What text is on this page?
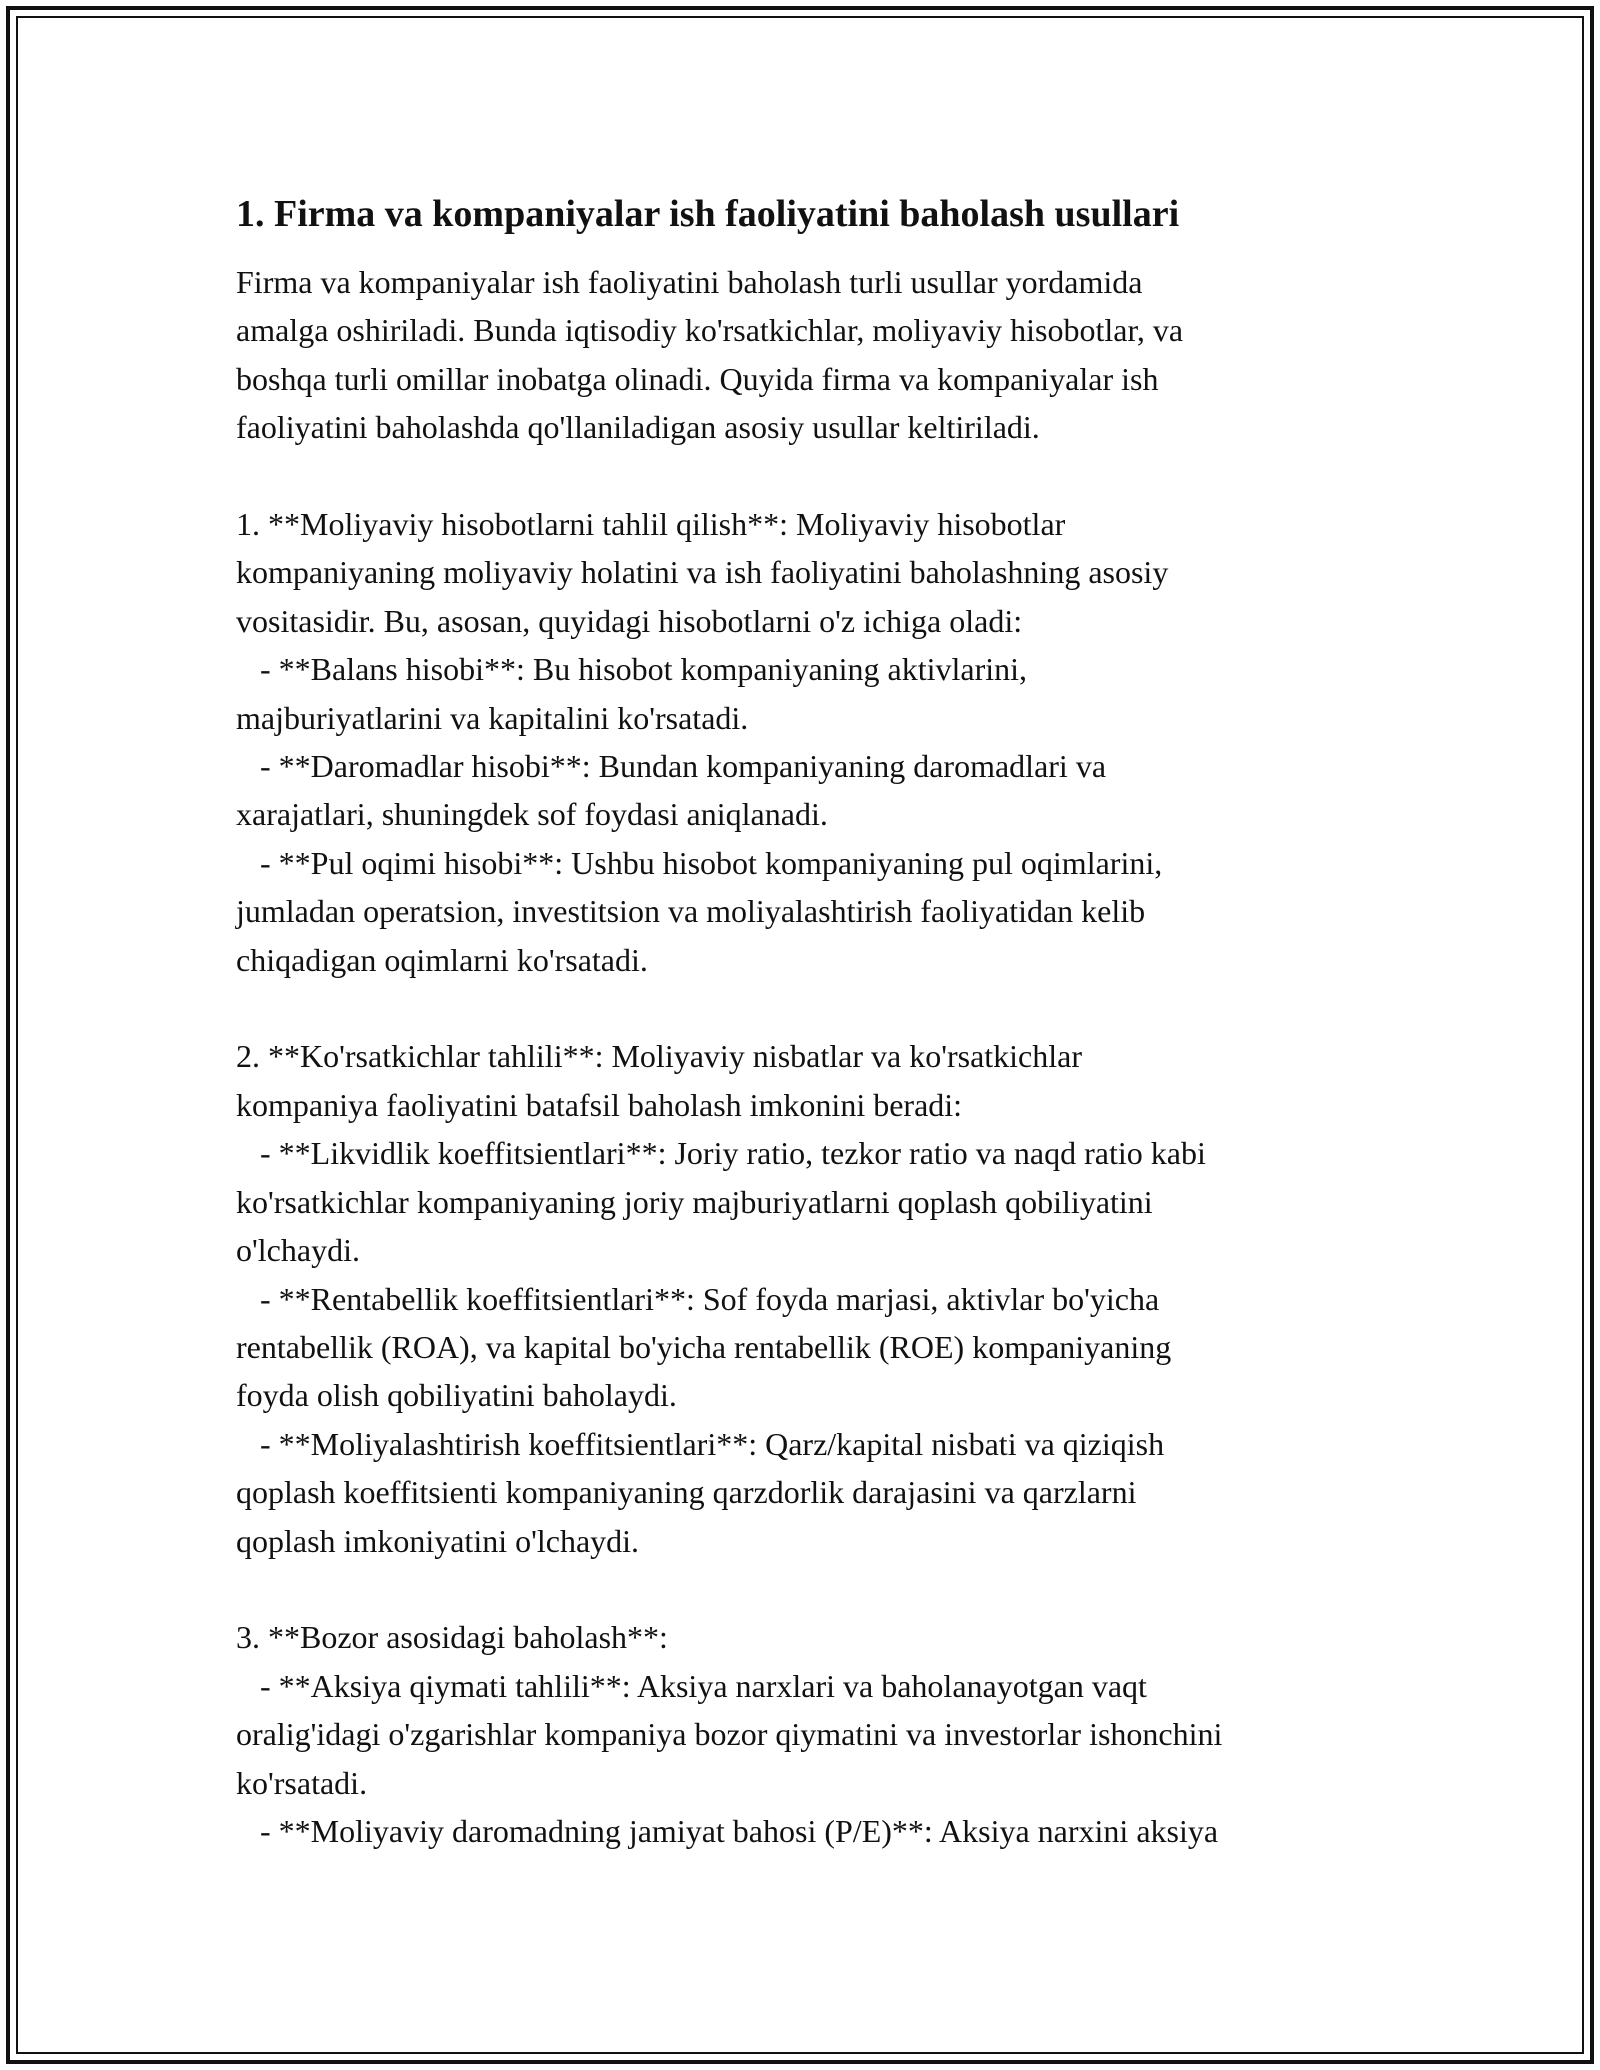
1. Firma va kompaniyalar ish faoliyatini baholash usullari
Firma va kompaniyalar ish faoliyatini baholash turli usullar yordamida
amalga oshiriladi. Bunda iqtisodiy ko'rsatkichlar, moliyaviy hisobotlar, va
boshqa turli omillar inobatga olinadi. Quyida firma va kompaniyalar ish
faoliyatini baholashda qo'llaniladigan asosiy usullar keltiriladi.
1. **Moliyaviy hisobotlarni tahlil qilish**: Moliyaviy hisobotlar
kompaniyaning moliyaviy holatini va ish faoliyatini baholashning asosiy
vositasidir. Bu, asosan, quyidagi hisobotlarni o'z ichiga oladi:
- **Balans hisobi**: Bu hisobot kompaniyaning aktivlarini,
majburiyatlarini va kapitalini ko'rsatadi.
- **Daromadlar hisobi**: Bundan kompaniyaning daromadlari va
xarajatlari, shuningdek sof foydasi aniqlanadi.
- **Pul oqimi hisobi**: Ushbu hisobot kompaniyaning pul oqimlarini,
jumladan operatsion, investitsion va moliyalashtirish faoliyatidan kelib
chiqadigan oqimlarni ko'rsatadi.
2. **Ko'rsatkichlar tahlili**: Moliyaviy nisbatlar va ko'rsatkichlar
kompaniya faoliyatini batafsil baholash imkonini beradi:
- **Likvidlik koeffitsientlari**: Joriy ratio, tezkor ratio va naqd ratio kabi
ko'rsatkichlar kompaniyaning joriy majburiyatlarni qoplash qobiliyatini
o'lchaydi.
- **Rentabellik koeffitsientlari**: Sof foyda marjasi, aktivlar bo'yicha
rentabellik (ROA), va kapital bo'yicha rentabellik (ROE) kompaniyaning
foyda olish qobiliyatini baholaydi.
- **Moliyalashtirish koeffitsientlari**: Qarz/kapital nisbati va qiziqish
qoplash koeffitsienti kompaniyaning qarzdorlik darajasini va qarzlarni
qoplash imkoniyatini o'lchaydi.
3. **Bozor asosidagi baholash**:
- **Aksiya qiymati tahlili**: Aksiya narxlari va baholanayotgan vaqt
oralig'idagi o'zgarishlar kompaniya bozor qiymatini va investorlar ishonchini
ko'rsatadi.
- **Moliyaviy daromadning jamiyat bahosi (P/E)**: Aksiya narxini aksiya
